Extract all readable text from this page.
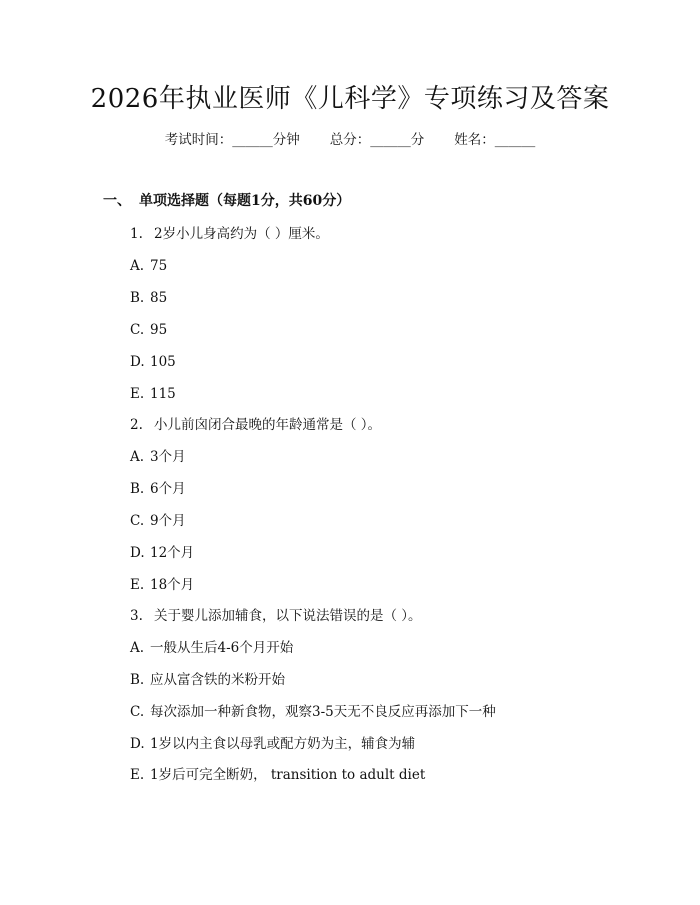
2026年执业医师《儿科学》专项练习及答案
考试时间：______分钟 总分：______分 姓名：______
一、 单项选择题（每题1分，共60分）
1. 2岁小儿身高约为（ ）厘米。
A. 75
B. 85
C. 95
D. 105
E. 115
2. 小儿前囟闭合最晚的年龄通常是（ ）。
A. 3个月
B. 6个月
C. 9个月
D. 12个月
E. 18个月
3. 关于婴儿添加辅食，以下说法错误的是（ ）。
A. 一般从生后4-6个月开始
B. 应从富含铁的米粉开始
C. 每次添加一种新食物，观察3-5天无不良反应再添加下一种
D. 1岁以内主食以母乳或配方奶为主，辅食为辅
E. 1岁后可完全断奶， transition to adult diet
